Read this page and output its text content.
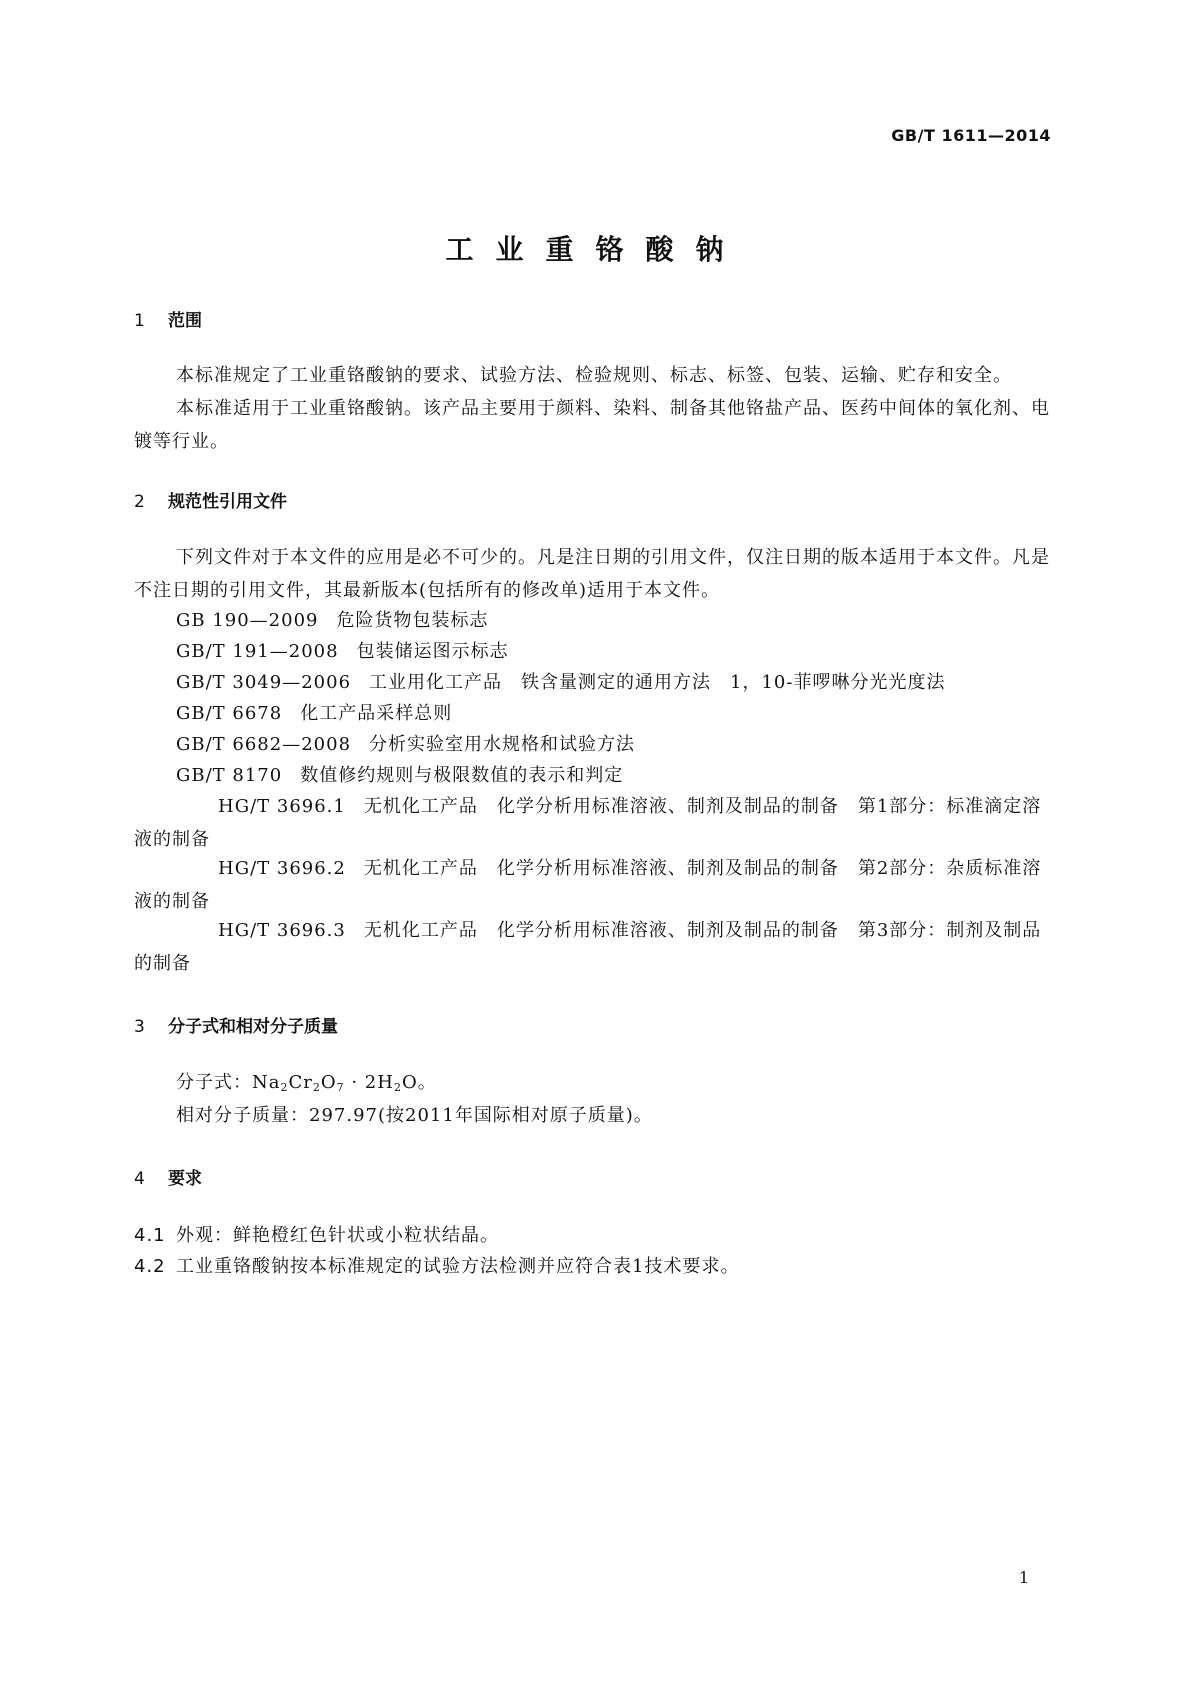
GB/T 1611—2014
工业重铬酸钠
1 范围
本标准规定了工业重铬酸钠的要求、试验方法、检验规则、标志、标签、包装、运输、贮存和安全。
本标准适用于工业重铬酸钠。该产品主要用于颜料、染料、制备其他铬盐产品、医药中间体的氧化剂、电镀等行业。
2 规范性引用文件
下列文件对于本文件的应用是必不可少的。凡是注日期的引用文件，仅注日期的版本适用于本文件。凡是不注日期的引用文件，其最新版本(包括所有的修改单)适用于本文件。
GB 190—2009 危险货物包装标志
GB/T 191—2008 包装储运图示标志
GB/T 3049—2006 工业用化工产品　铁含量测定的通用方法　1，10-菲啰啉分光光度法
GB/T 6678 化工产品采样总则
GB/T 6682—2008 分析实验室用水规格和试验方法
GB/T 8170 数值修约规则与极限数值的表示和判定
HG/T 3696.1 无机化工产品　化学分析用标准溶液、制剂及制品的制备　第1部分：标准滴定溶液的制备
HG/T 3696.2 无机化工产品　化学分析用标准溶液、制剂及制品的制备　第2部分：杂质标准溶液的制备
HG/T 3696.3 无机化工产品　化学分析用标准溶液、制剂及制品的制备　第3部分：制剂及制品的制备
3 分子式和相对分子质量
分子式：$Na_2Cr_2O_7 \cdot 2H_2O$。
相对分子质量：297.97(按2011年国际相对原子质量)。
4 要求
4.1 外观：鲜艳橙红色针状或小粒状结晶。
4.2 工业重铬酸钠按本标准规定的试验方法检测并应符合表1技术要求。
1
